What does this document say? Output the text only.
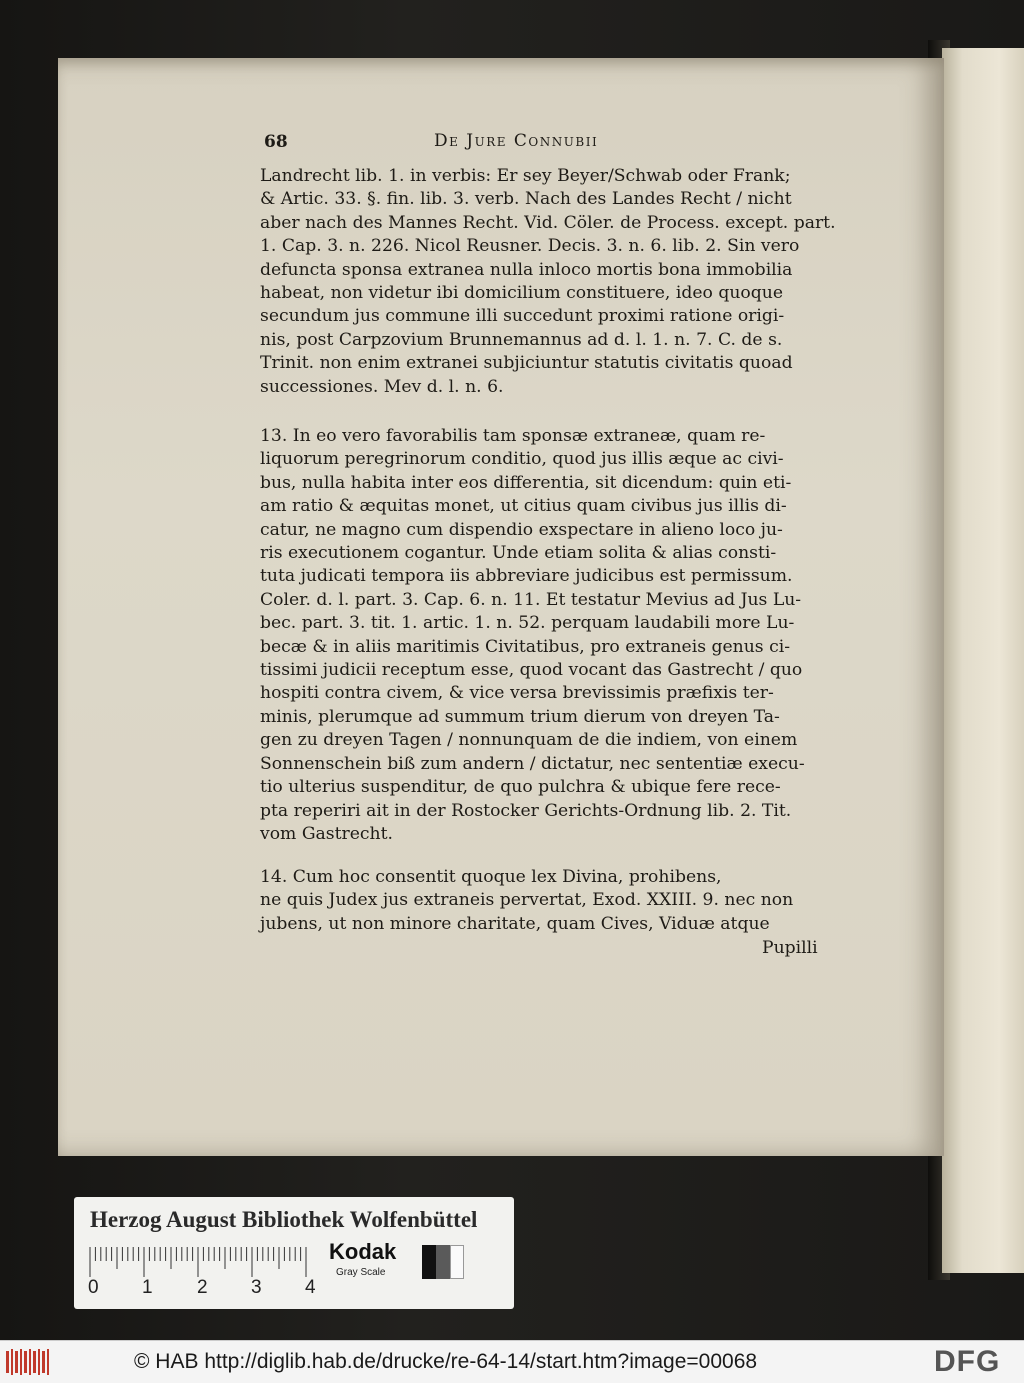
68	De Jure Connubii
Landrecht lib. 1. in verbis: Er sey Beyer/Schwab oder Frank;
& Artic. 33. §. fin. lib. 3. verb. Nach des Landes Recht / nicht
aber nach des Mannes Recht. Vid. Cöler. de Process. except. part.
1. Cap. 3. n. 226. Nicol Reusner. Decis. 3. n. 6. lib. 2. Sin vero
defuncta sponsa extranea nulla inloco mortis bona immobilia
habeat, non videtur ibi domicilium constituere, ideo quoque
secundum jus commune illi succedunt proximi ratione origi-
nis, post Carpzovium Brunnemannus ad d. l. 1. n. 7. C. de s.
Trinit. non enim extranei subjiciuntur statutis civitatis quoad
successiones. Mev d. l. n. 6.
13. In eo vero favorabilis tam sponsæ extraneæ, quam re-
liquorum peregrinorum conditio, quod jus illis æque ac civi-
bus, nulla habita inter eos differentia, sit dicendum: quin eti-
am ratio & æquitas monet, ut citius quam civibus jus illis di-
catur, ne magno cum dispendio exspectare in alieno loco ju-
ris executionem cogantur. Unde etiam solita & alias consti-
tuta judicati tempora iis abbreviare judicibus est permissum.
Coler. d. l. part. 3. Cap. 6. n. 11. Et testatur Mevius ad Jus Lu-
bec. part. 3. tit. 1. artic. 1. n. 52. perquam laudabili more Lu-
becæ & in aliis maritimis Civitatibus, pro extraneis genus ci-
tissimi judicii receptum esse, quod vocant das Gastrecht / quo
hospiti contra civem, & vice versa brevissimis præfixis ter-
minis, plerumque ad summum trium dierum von dreyen Ta-
gen zu dreyen Tagen / nonnunquam de die indiem, von einem
Sonnenschein biß zum andern / dictatur, nec sententiæ execu-
tio ulterius suspenditur, de quo pulchra & ubique fere rece-
pta reperiri ait in der Rostocker Gerichts-Ordnung lib. 2. Tit.
vom Gastrecht.
14. Cum hoc consentit quoque lex Divina, prohibens,
ne quis Judex jus extraneis pervertat, Exod. XXIII. 9. nec non
jubens, ut non minore charitate, quam Cives, Viduæ atque
Pupilli
Herzog August Bibliothek Wolfenbüttel
0 1 2 3 4
Kodak
Gray Scale
© HAB http://diglib.hab.de/drucke/re-64-14/start.htm?image=00068	DFG
